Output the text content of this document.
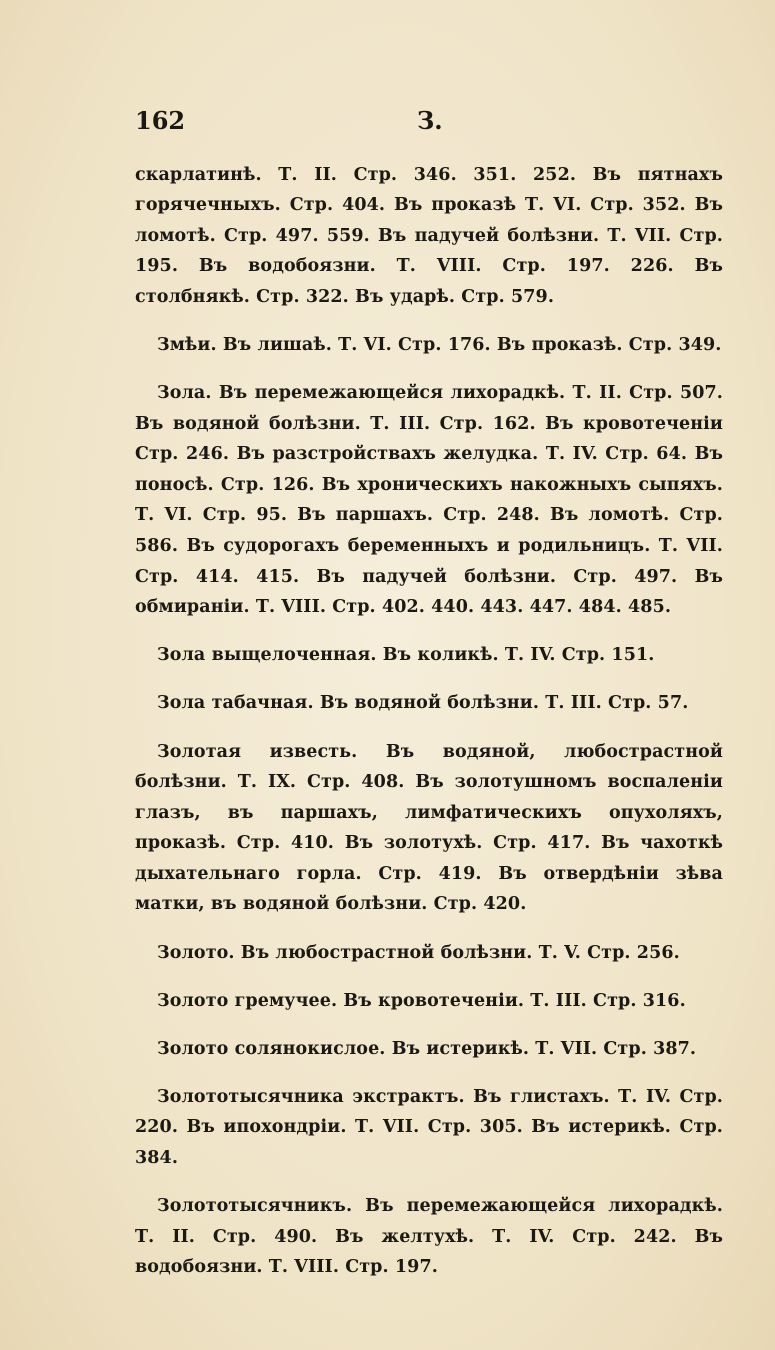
162	З.

скарлатинѣ. Т. II. Стр. 346. 351. 252. Въ пятнахъ горячечныхъ. Стр. 404. Въ проказѣ Т. VI. Стр. 352. Въ ломотѣ. Стр. 497. 559. Въ падучей болѣзни. Т. VII. Стр. 195. Въ водобоязни. Т. VIII. Стр. 197. 226. Въ столбнякѣ. Стр. 322. Въ ударѣ. Стр. 579.

Змѣи. Въ лишаѣ. Т. VI. Стр. 176. Въ проказѣ. Стр. 349.

Зола. Въ перемежающейся лихорадкѣ. Т. II. Стр. 507. Въ водяной болѣзни. Т. III. Стр. 162. Въ кровотеченіи Стр. 246. Въ разстройствахъ желудка. Т. IV. Стр. 64. Въ поносѣ. Стр. 126. Въ хроническихъ накожныхъ сыпяхъ. Т. VI. Стр. 95. Въ паршахъ. Стр. 248. Въ ломотѣ. Стр. 586. Въ судорогахъ беременныхъ и родильницъ. Т. VII. Стр. 414. 415. Въ падучей болѣзни. Стр. 497. Въ обмираніи. Т. VIII. Стр. 402. 440. 443. 447. 484. 485.

Зола выщелоченная. Въ коликѣ. Т. IV. Стр. 151.

Зола табачная. Въ водяной болѣзни. Т. III. Стр. 57.

Золотая известь. Въ водяной, любострастной болѣзни. Т. IX. Стр. 408. Въ золотушномъ воспаленіи глазъ, въ паршахъ, лимфатическихъ опухоляхъ, проказѣ. Стр. 410. Въ золотухѣ. Стр. 417. Въ чахоткѣ дыхательнаго горла. Стр. 419. Въ отвердѣніи зѣва матки, въ водяной болѣзни. Стр. 420.

Золото. Въ любострастной болѣзни. Т. V. Стр. 256.

Золото гремучее. Въ кровотеченіи. Т. III. Стр. 316.

Золото солянокислое. Въ истерикѣ. Т. VII. Стр. 387.

Золототысячника экстрактъ. Въ глистахъ. Т. IV. Стр. 220. Въ ипохондріи. Т. VII. Стр. 305. Въ истерикѣ. Стр. 384.

Золототысячникъ. Въ перемежающейся лихорадкѣ. Т. II. Стр. 490. Въ желтухѣ. Т. IV. Стр. 242. Въ водобоязни. Т. VIII. Стр. 197.
